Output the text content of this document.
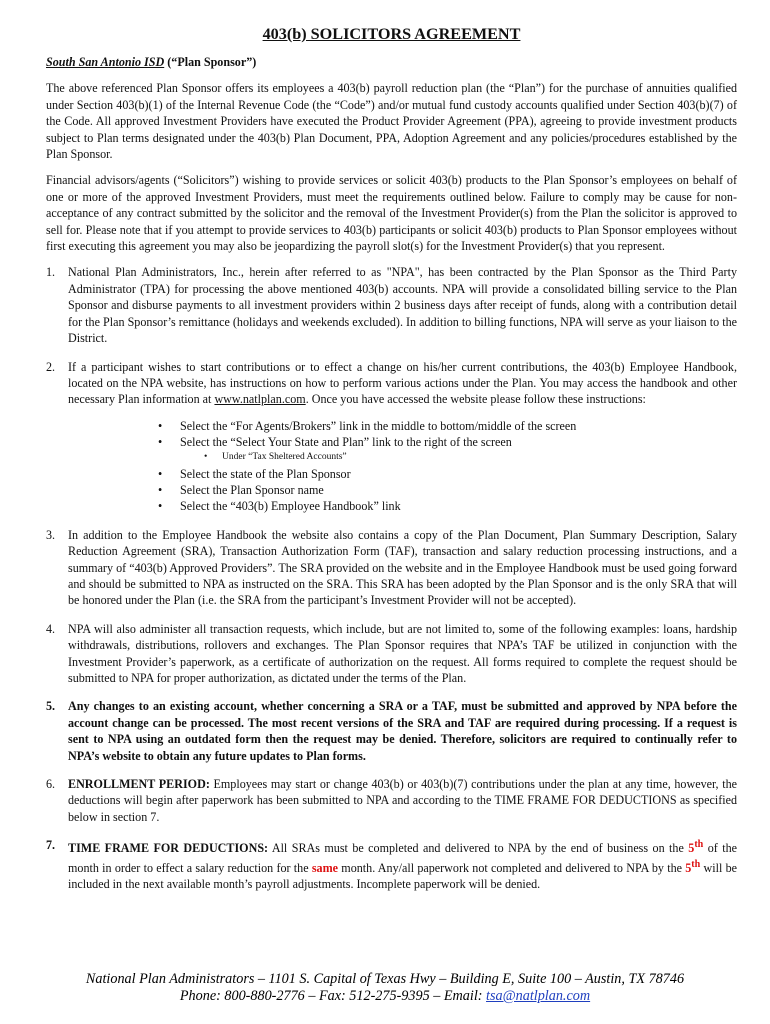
403(b) SOLICITORS AGREEMENT

South San Antonio ISD (“Plan Sponsor”)

The above referenced Plan Sponsor offers its employees a 403(b) payroll reduction plan (the “Plan”) for the purchase of annuities qualified under Section 403(b)(1) of the Internal Revenue Code (the “Code”) and/or mutual fund custody accounts qualified under Section 403(b)(7) of the Code. All approved Investment Providers have executed the Product Provider Agreement (PPA), agreeing to provide investment products subject to Plan terms designated under the 403(b) Plan Document, PPA, Adoption Agreement and any policies/procedures established by the Plan Sponsor.

Financial advisors/agents (“Solicitors”) wishing to provide services or solicit 403(b) products to the Plan Sponsor’s employees on behalf of one or more of the approved Investment Providers, must meet the requirements outlined below. Failure to comply may be cause for non-acceptance of any contract submitted by the solicitor and the removal of the Investment Provider(s) from the Plan the solicitor is approved to sell for. Please note that if you attempt to provide services to 403(b) participants or solicit 403(b) products to Plan Sponsor employees without first executing this agreement you may also be jeopardizing the payroll slot(s) for the Investment Provider(s) that you represent.

1. National Plan Administrators, Inc., herein after referred to as "NPA", has been contracted by the Plan Sponsor as the Third Party Administrator (TPA) for processing the above mentioned 403(b) accounts. NPA will provide a consolidated billing service to the Plan Sponsor and disburse payments to all investment providers within 2 business days after receipt of funds, along with a contribution detail for the Plan Sponsor’s remittance (holidays and weekends excluded). In addition to billing functions, NPA will serve as your liaison to the District.
2. If a participant wishes to start contributions or to effect a change on his/her current contributions, the 403(b) Employee Handbook, located on the NPA website, has instructions on how to perform various actions under the Plan. You may access the handbook and other necessary Plan information at www.natlplan.com. Once you have accessed the website please follow these instructions:
• Select the “For Agents/Brokers” link in the middle to bottom/middle of the screen
• Select the “Select Your State and Plan” link to the right of the screen
• Under “Tax Sheltered Accounts”
• Select the state of the Plan Sponsor
• Select the Plan Sponsor name
• Select the “403(b) Employee Handbook” link
3. In addition to the Employee Handbook the website also contains a copy of the Plan Document, Plan Summary Description, Salary Reduction Agreement (SRA), Transaction Authorization Form (TAF), transaction and salary reduction processing instructions, and a summary of “403(b) Approved Providers”. The SRA provided on the website and in the Employee Handbook must be used going forward and should be submitted to NPA as instructed on the SRA. This SRA has been adopted by the Plan Sponsor and is the only SRA that will be honored under the Plan (i.e. the SRA from the participant’s Investment Provider will not be accepted).
4. NPA will also administer all transaction requests, which include, but are not limited to, some of the following examples: loans, hardship withdrawals, distributions, rollovers and exchanges. The Plan Sponsor requires that NPA’s TAF be utilized in conjunction with the Investment Provider’s paperwork, as a certificate of authorization on the request. All forms required to complete the request should be submitted to NPA for proper authorization, as dictated under the terms of the Plan.
5. Any changes to an existing account, whether concerning a SRA or a TAF, must be submitted and approved by NPA before the account change can be processed. The most recent versions of the SRA and TAF are required during processing. If a request is sent to NPA using an outdated form then the request may be denied. Therefore, solicitors are required to continually refer to NPA’s website to obtain any future updates to Plan forms.
6. ENROLLMENT PERIOD: Employees may start or change 403(b) or 403(b)(7) contributions under the plan at any time, however, the deductions will begin after paperwork has been submitted to NPA and according to the TIME FRAME FOR DEDUCTIONS as specified below in section 7.
7. TIME FRAME FOR DEDUCTIONS: All SRAs must be completed and delivered to NPA by the end of business on the 5th of the month in order to effect a salary reduction for the same month. Any/all paperwork not completed and delivered to NPA by the 5th will be included in the next available month’s payroll adjustments. Incomplete paperwork will be denied.
National Plan Administrators – 1101 S. Capital of Texas Hwy – Building E, Suite 100 – Austin, TX 78746
Phone: 800-880-2776 – Fax: 512-275-9395 – Email: tsa@natlplan.com
